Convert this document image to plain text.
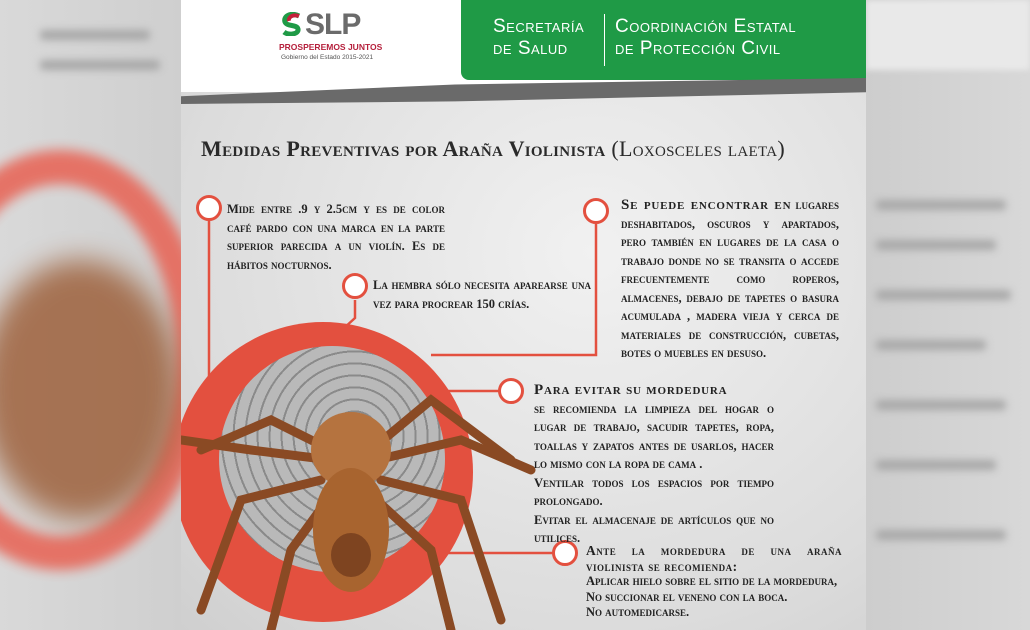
SLP
PROSPEREMOS JUNTOS
Gobierno del Estado 2015-2021
Secretaría
de Salud
Coordinación Estatal
de Protección Civil
Medidas Preventivas por Araña Violinista (Loxosceles laeta)

Mide entre .9 y 2.5cm y es de color café pardo con una marca en la parte superior parecida a un violín. Es de hábitos nocturnos.

La hembra sólo necesita aparearse una vez para procrear 150 crías.

Se puede encontrar en lugares deshabitados, oscuros y apartados, pero también en lugares de la casa o trabajo donde no se transita o accede frecuentemente como roperos, almacenes, debajo de tapetes o basura acumulada , madera vieja y cerca de materiales de construcción, cubetas, botes o muebles en desuso.

Para evitar su mordedura

se recomienda la limpieza del hogar o lugar de trabajo, sacudir tapetes, ropa, toallas y zapatos antes de usarlos, hacer lo mismo con la ropa de cama .

Ventilar todos los espacios por tiempo prolongado.

Evitar el almacenaje de artículos que no utilices.

Ante la mordedura de una araña violinista se recomienda:

Aplicar hielo sobre el sitio de la mordedura,

No succionar el veneno con la boca.

No automedicarse.
